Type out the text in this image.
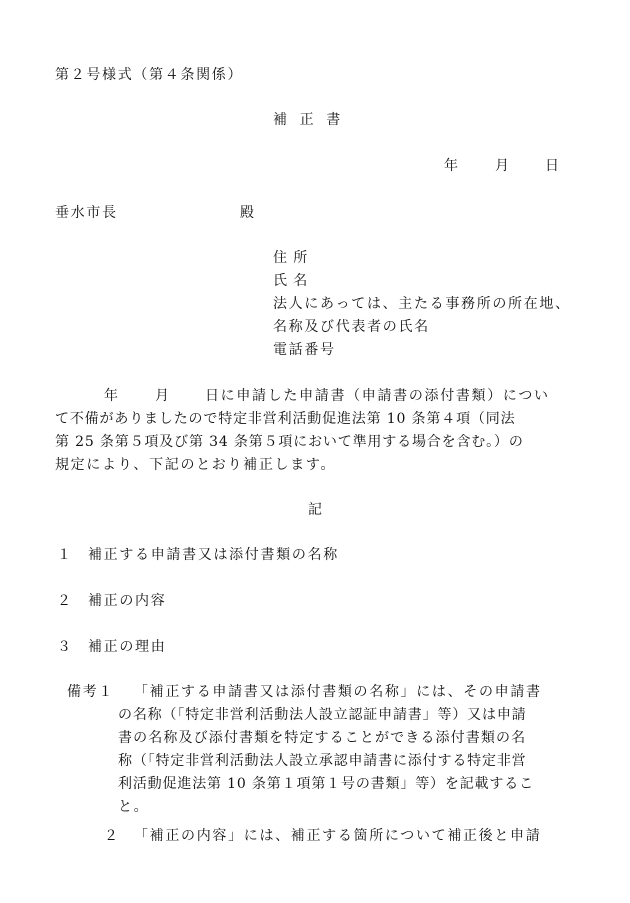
第２号様式（第４条関係）
補正書
年	月 日
垂水市長	殿
住所
氏名
法人にあっては、主たる事務所の所在地、
名称及び代表者の氏名
電話番号
年	月 日に申請した申請書（申請書の添付書類）につい
て不備がありましたので特定非営利活動促進法第 10 条第４項（同法
第 25 条第５項及び第 34 条第５項において準用する場合を含む。）の
規定により、下記のとおり補正します。
記
１ 補正する申請書又は添付書類の名称
２ 補正の内容
３ 補正の理由
備考１ 「補正する申請書又は添付書類の名称」には、その申請書
の名称（「特定非営利活動法人設立認証申請書」等）又は申請
書の名称及び添付書類を特定することができる添付書類の名
称（「特定非営利活動法人設立承認申請書に添付する特定非営
利活動促進法第 10 条第１項第１号の書類」等）を記載するこ
と。
２ 「補正の内容」には、補正する箇所について補正後と申請
